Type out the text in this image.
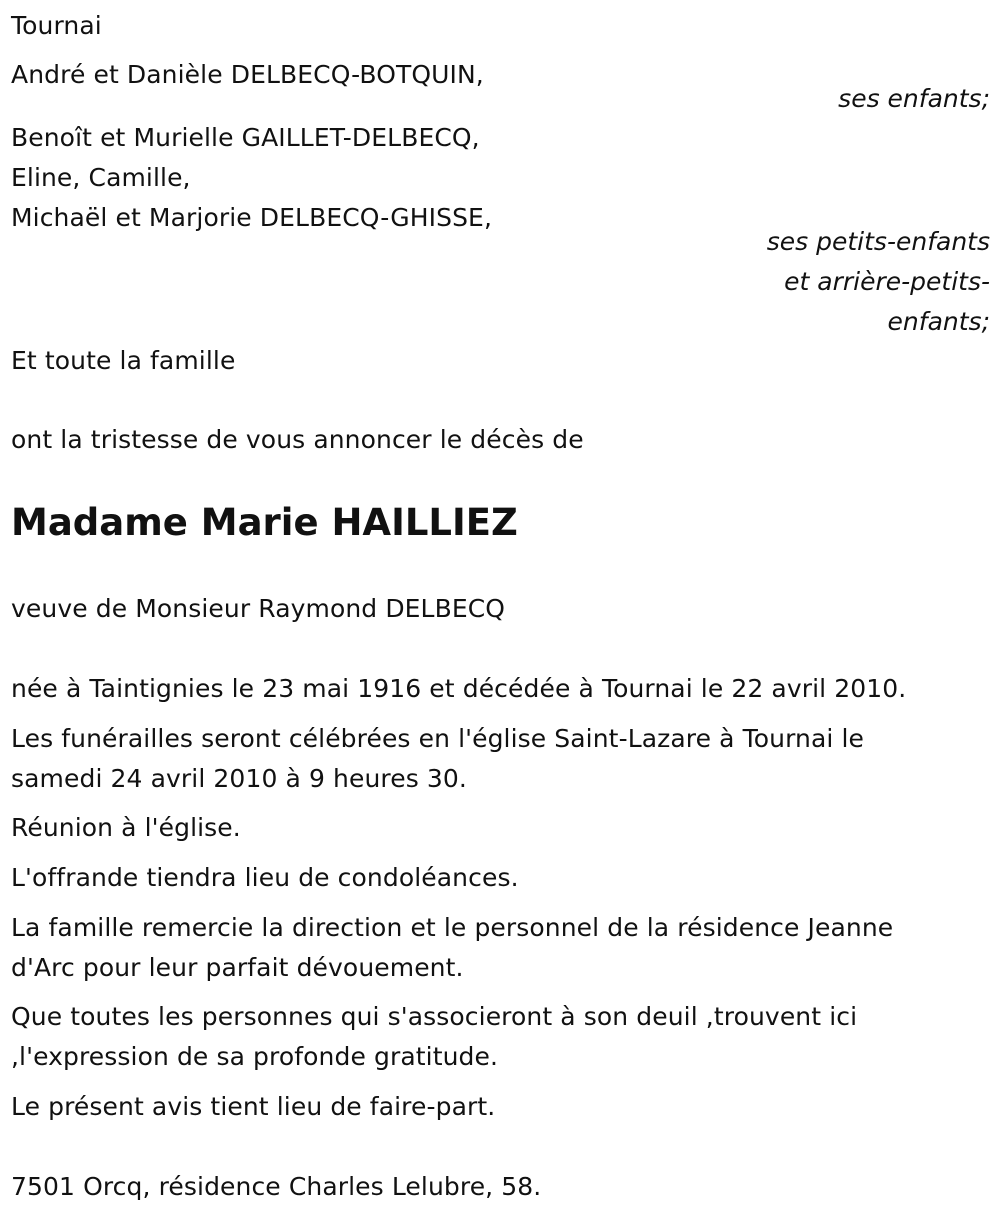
Tournai
André et Danièle DELBECQ-BOTQUIN,
ses enfants;
Benoît et Murielle GAILLET-DELBECQ,
Eline, Camille,
Michaël et Marjorie DELBECQ-GHISSE,
ses petits-enfants
et arrière-petits-
enfants;
Et toute la famille
ont la tristesse de vous annoncer le décès de
Madame Marie HAILLIEZ
veuve de Monsieur Raymond DELBECQ
née à Taintignies le 23 mai 1916 et décédée à Tournai le 22 avril 2010.
Les funérailles seront célébrées en l'église Saint-Lazare à Tournai le
samedi 24 avril 2010 à 9 heures 30.
Réunion à l'église.
L'offrande tiendra lieu de condoléances.
La famille remercie la direction et le personnel de la résidence Jeanne
d'Arc pour leur parfait dévouement.
Que toutes les personnes qui s'associeront à son deuil ,trouvent ici
,l'expression de sa profonde gratitude.
Le présent avis tient lieu de faire-part.
7501 Orcq, résidence Charles Lelubre, 58.
